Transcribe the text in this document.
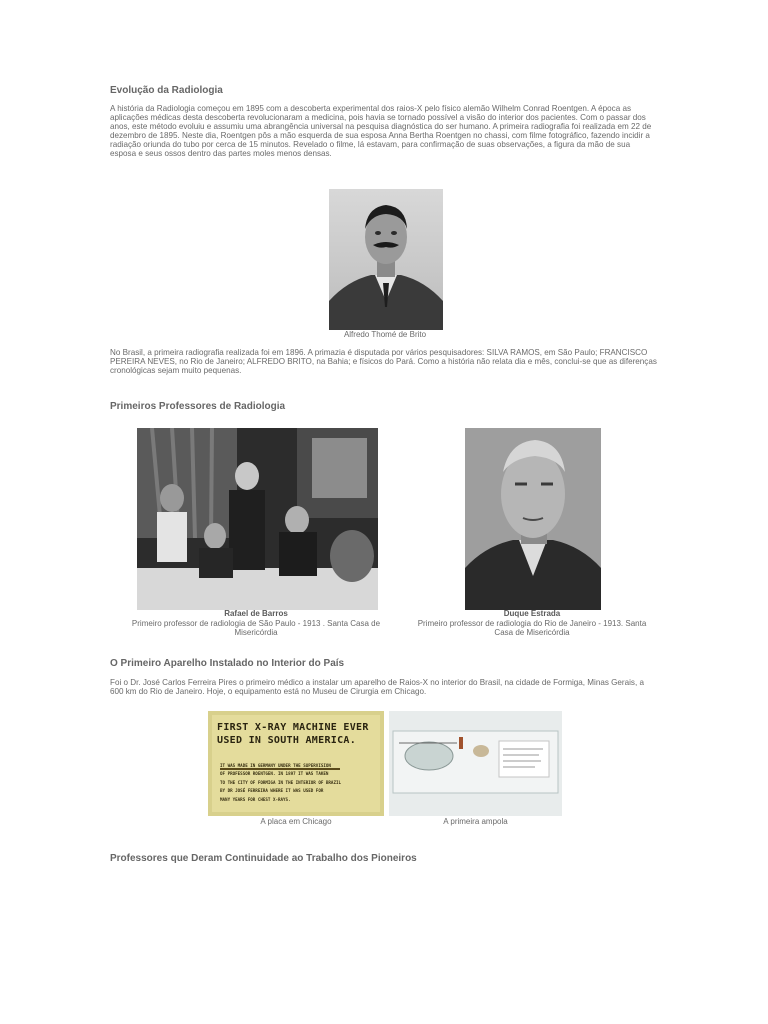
Evolução da Radiologia

A história da Radiologia começou em 1895 com a descoberta experimental dos raios-X pelo físico alemão Wilhelm Conrad Roentgen. A época as aplicações médicas desta descoberta revolucionaram a medicina, pois havia se tornado possível a visão do interior dos pacientes. Com o passar dos anos, este método evoluiu e assumiu uma abrangência universal na pesquisa diagnóstica do ser humano. A primeira radiografia foi realizada em 22 de dezembro de 1895. Neste dia, Roentgen pôs a mão esquerda de sua esposa Anna Bertha Roentgen no chassi, com filme fotográfico, fazendo incidir a radiação oriunda do tubo por cerca de 15 minutos. Revelado o filme, lá estavam, para confirmação de suas observações, a figura da mão de sua esposa e seus ossos dentro das partes moles menos densas.

Alfredo Thomé de Brito

No Brasil, a primeira radiografia realizada foi em 1896. A primazia é disputada por vários pesquisadores: SILVA RAMOS, em São Paulo; FRANCISCO PEREIRA NEVES, no Rio de Janeiro; ALFREDO BRITO, na Bahia; e físicos do Pará. Como a história não relata dia e mês, conclui-se que as diferenças cronológicas sejam muito pequenas.

Primeiros Professores de Radiologia
Rafael de Barros
Primeiro professor de radiologia de São Paulo - 1913 . Santa Casa de Misericórdia
Duque Estrada
Primeiro professor de radiologia do Rio de Janeiro - 1913. Santa Casa de Misericórdia
O Primeiro Aparelho Instalado no Interior do País

Foi o Dr. José Carlos Ferreira Pires o primeiro médico a instalar um aparelho de Raios-X no interior do Brasil, na cidade de Formiga, Minas Gerais, a 600 km do Rio de Janeiro. Hoje, o equipamento está no Museu de Cirurgia em Chicago.

FIRST X-RAY MACHINE EVER
USED IN SOUTH AMERICA.
IT WAS MADE IN GERMANY UNDER THE SUPERVISION
OF PROFESSOR ROENTGEN. IN 1897 IT WAS TAKEN
TO THE CITY OF FORMIGA IN THE INTERIOR OF BRAZIL
BY DR JOSÉ FERREIRA WHERE IT WAS USED FOR
MANY YEARS FOR CHEST X-RAYS.
A placa em Chicago	A primeira ampola
Professores que Deram Continuidade ao Trabalho dos Pioneiros
